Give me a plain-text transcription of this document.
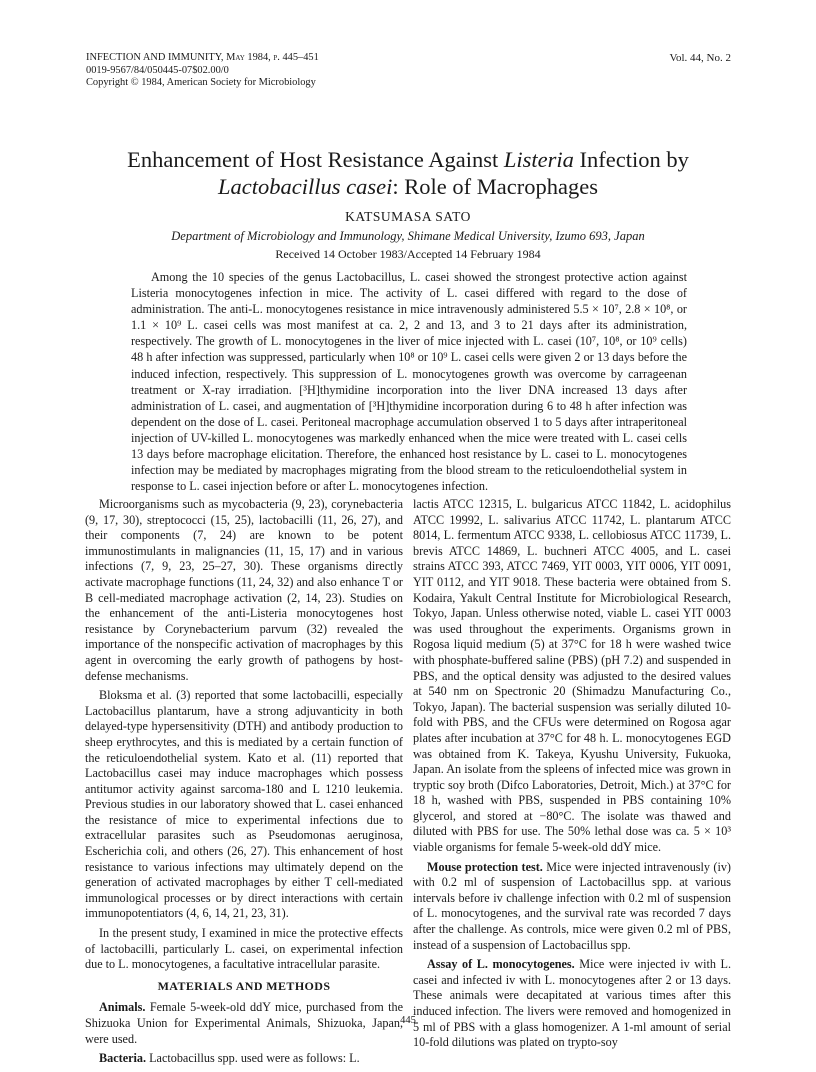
INFECTION AND IMMUNITY, May 1984, p. 445–451
0019-9567/84/050445-07$02.00/0
Copyright © 1984, American Society for Microbiology
Vol. 44, No. 2
Enhancement of Host Resistance Against Listeria Infection by
Lactobacillus casei: Role of Macrophages
KATSUMASA SATO
Department of Microbiology and Immunology, Shimane Medical University, Izumo 693, Japan
Received 14 October 1983/Accepted 14 February 1984

Among the 10 species of the genus Lactobacillus, L. casei showed the strongest protective action against Listeria monocytogenes infection in mice. The activity of L. casei differed with regard to the dose of administration. The anti-L. monocytogenes resistance in mice intravenously administered 5.5 × 10⁷, 2.8 × 10⁸, or 1.1 × 10⁹ L. casei cells was most manifest at ca. 2, 2 and 13, and 3 to 21 days after its administration, respectively. The growth of L. monocytogenes in the liver of mice injected with L. casei (10⁷, 10⁸, or 10⁹ cells) 48 h after infection was suppressed, particularly when 10⁸ or 10⁹ L. casei cells were given 2 or 13 days before the induced infection, respectively. This suppression of L. monocytogenes growth was overcome by carrageenan treatment or X-ray irradiation. [³H]thymidine incorporation into the liver DNA increased 13 days after administration of L. casei, and augmentation of [³H]thymidine incorporation during 6 to 48 h after infection was dependent on the dose of L. casei. Peritoneal macrophage accumulation observed 1 to 5 days after intraperitoneal injection of UV-killed L. monocytogenes was markedly enhanced when the mice were treated with L. casei cells 13 days before macrophage elicitation. Therefore, the enhanced host resistance by L. casei to L. monocytogenes infection may be mediated by macrophages migrating from the blood stream to the reticuloendothelial system in response to L. casei injection before or after L. monocytogenes infection.

Microorganisms such as mycobacteria (9, 23), corynebacteria (9, 17, 30), streptococci (15, 25), lactobacilli (11, 26, 27), and their components (7, 24) are known to be potent immunostimulants in malignancies (11, 15, 17) and in various infections (7, 9, 23, 25–27, 30). These organisms directly activate macrophage functions (11, 24, 32) and also enhance T or B cell-mediated macrophage activation (2, 14, 23). Studies on the enhancement of the anti-Listeria monocytogenes host resistance by Corynebacterium parvum (32) revealed the importance of the nonspecific activation of macrophages by this agent in overcoming the early growth of pathogens by host-defense mechanisms.

Bloksma et al. (3) reported that some lactobacilli, especially Lactobacillus plantarum, have a strong adjuvanticity in both delayed-type hypersensitivity (DTH) and antibody production to sheep erythrocytes, and this is mediated by a certain function of the reticuloendothelial system. Kato et al. (11) reported that Lactobacillus casei may induce macrophages which possess antitumor activity against sarcoma-180 and L 1210 leukemia. Previous studies in our laboratory showed that L. casei enhanced the resistance of mice to experimental infections due to extracellular parasites such as Pseudomonas aeruginosa, Escherichia coli, and others (26, 27). This enhancement of host resistance to various infections may ultimately depend on the generation of activated macrophages by either T cell-mediated immunological processes or by direct interactions with certain immunopotentiators (4, 6, 14, 21, 23, 31).

In the present study, I examined in mice the protective effects of lactobacilli, particularly L. casei, on experimental infection due to L. monocytogenes, a facultative intracellular parasite.

MATERIALS AND METHODS

Animals. Female 5-week-old ddY mice, purchased from the Shizuoka Union for Experimental Animals, Shizuoka, Japan, were used.

Bacteria. Lactobacillus spp. used were as follows: L.

lactis ATCC 12315, L. bulgaricus ATCC 11842, L. acidophilus ATCC 19992, L. salivarius ATCC 11742, L. plantarum ATCC 8014, L. fermentum ATCC 9338, L. cellobiosus ATCC 11739, L. brevis ATCC 14869, L. buchneri ATCC 4005, and L. casei strains ATCC 393, ATCC 7469, YIT 0003, YIT 0006, YIT 0091, YIT 0112, and YIT 9018. These bacteria were obtained from S. Kodaira, Yakult Central Institute for Microbiological Research, Tokyo, Japan. Unless otherwise noted, viable L. casei YIT 0003 was used throughout the experiments. Organisms grown in Rogosa liquid medium (5) at 37°C for 18 h were washed twice with phosphate-buffered saline (PBS) (pH 7.2) and suspended in PBS, and the optical density was adjusted to the desired values at 540 nm on Spectronic 20 (Shimadzu Manufacturing Co., Tokyo, Japan). The bacterial suspension was serially diluted 10-fold with PBS, and the CFUs were determined on Rogosa agar plates after incubation at 37°C for 48 h. L. monocytogenes EGD was obtained from K. Takeya, Kyushu University, Fukuoka, Japan. An isolate from the spleens of infected mice was grown in tryptic soy broth (Difco Laboratories, Detroit, Mich.) at 37°C for 18 h, washed with PBS, suspended in PBS containing 10% glycerol, and stored at −80°C. The isolate was thawed and diluted with PBS for use. The 50% lethal dose was ca. 5 × 10³ viable organisms for female 5-week-old ddY mice.

Mouse protection test. Mice were injected intravenously (iv) with 0.2 ml of suspension of Lactobacillus spp. at various intervals before iv challenge infection with 0.2 ml of suspension of L. monocytogenes, and the survival rate was recorded 7 days after the challenge. As controls, mice were given 0.2 ml of PBS, instead of a suspension of Lactobacillus spp.

Assay of L. monocytogenes. Mice were injected iv with L. casei and infected iv with L. monocytogenes after 2 or 13 days. These animals were decapitated at various times after this induced infection. The livers were removed and homogenized in 5 ml of PBS with a glass homogenizer. A 1-ml amount of serial 10-fold dilutions was plated on trypto-soy

445
